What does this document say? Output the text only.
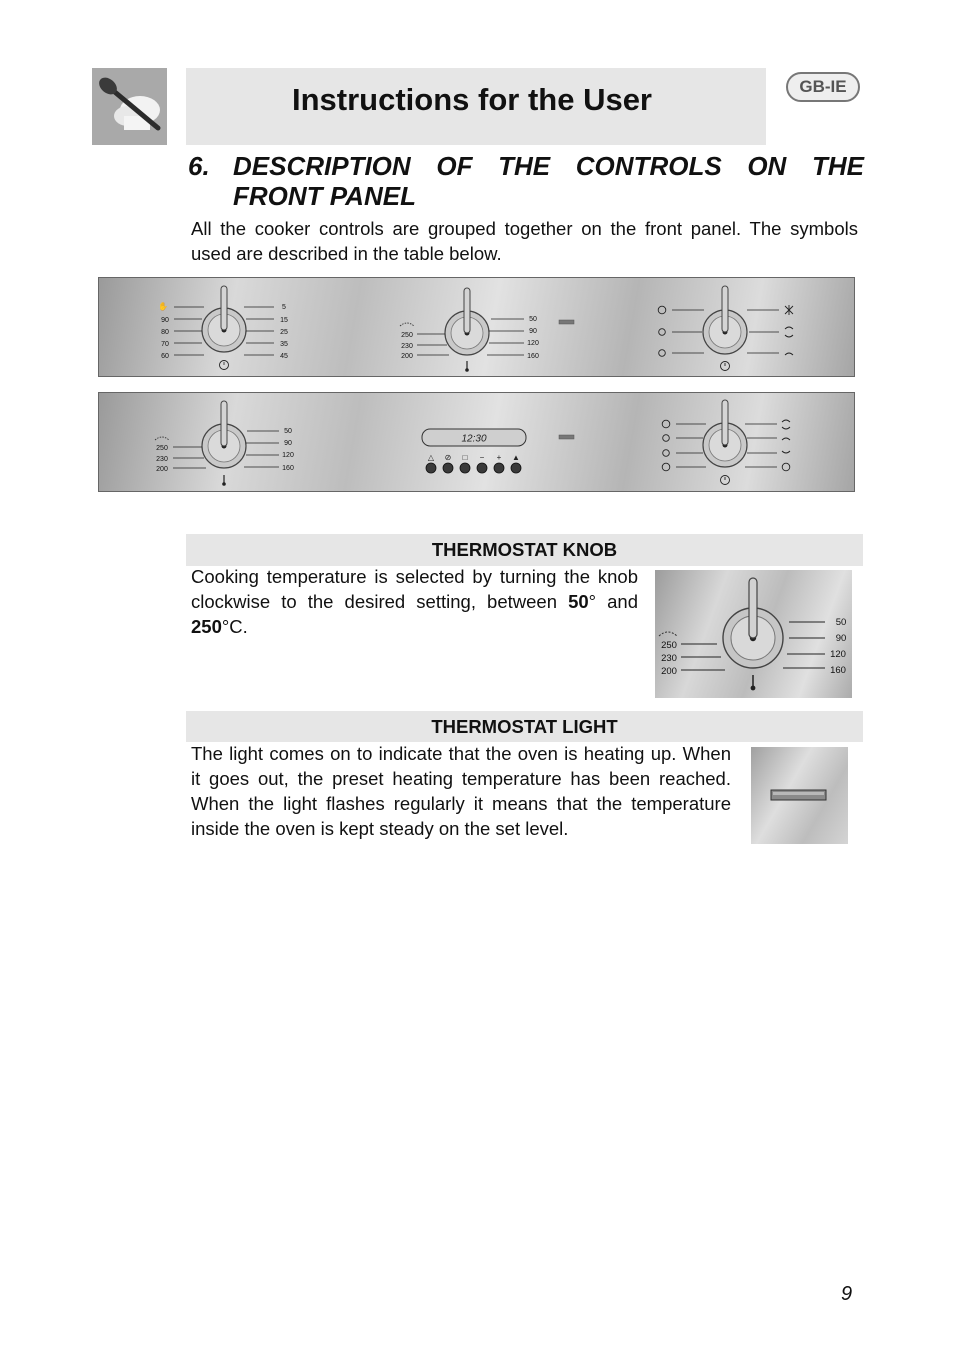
Instructions for the User	GB-IE
6. DESCRIPTION OF THE CONTROLS ON THE
FRONT PANEL
All the cooker controls are grouped together on the front panel. The symbols used are described in the table below.
✋
90
80
70
60
5
15
25
35
45
250
230
200
50
90
120
160
250
230
200
50
90
120
160
12:30
△ ⊘ □ − + ▲
THERMOSTAT KNOB
Cooking temperature is selected by turning the knob clockwise to the desired setting, between 50° and 250°C.
250
230
200
50
90
120
160
THERMOSTAT LIGHT
The light comes on to indicate that the oven is heating up. When it goes out, the preset heating temperature has been reached. When the light flashes regularly it means that the temperature inside the oven is kept steady on the set level.
9
